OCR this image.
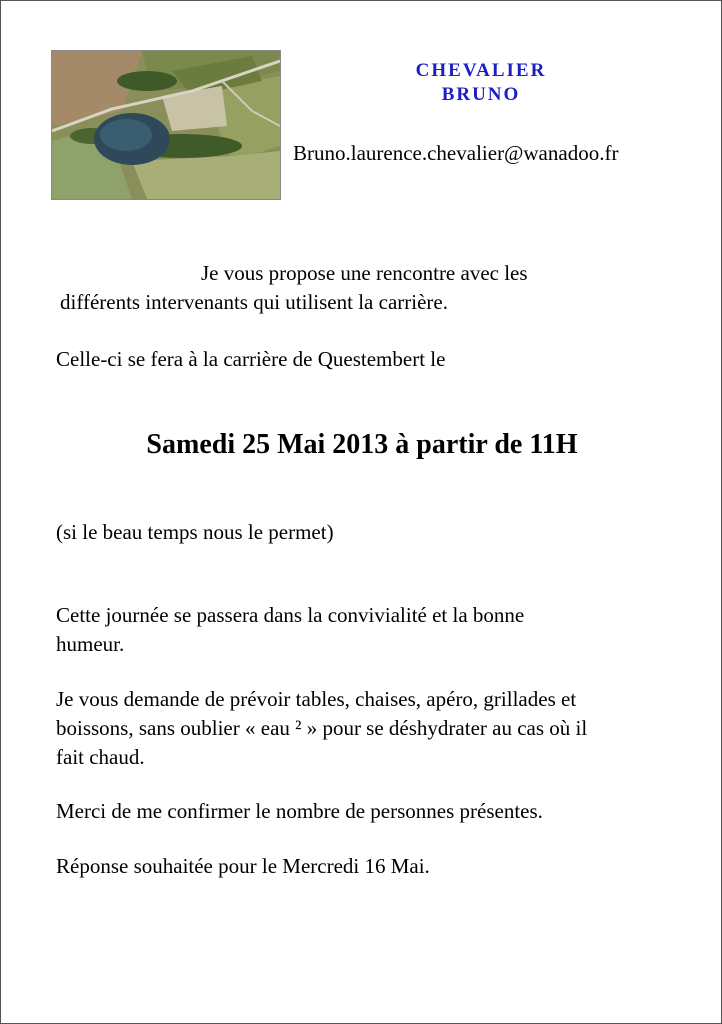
CHEVALIER
BRUNO
Bruno.laurence.chevalier@wanadoo.fr
Je vous propose une rencontre avec les
différents intervenants qui utilisent la carrière.
Celle-ci se fera à la carrière de Questembert le
Samedi 25 Mai 2013 à partir de 11H
(si le beau temps nous le permet)
Cette journée se passera dans la convivialité et la bonne
humeur.
Je vous demande de prévoir tables, chaises, apéro, grillades et
boissons, sans oublier « eau ² » pour se déshydrater au cas où il
fait chaud.
Merci de me confirmer le nombre de personnes présentes.
Réponse souhaitée pour le Mercredi 16 Mai.
